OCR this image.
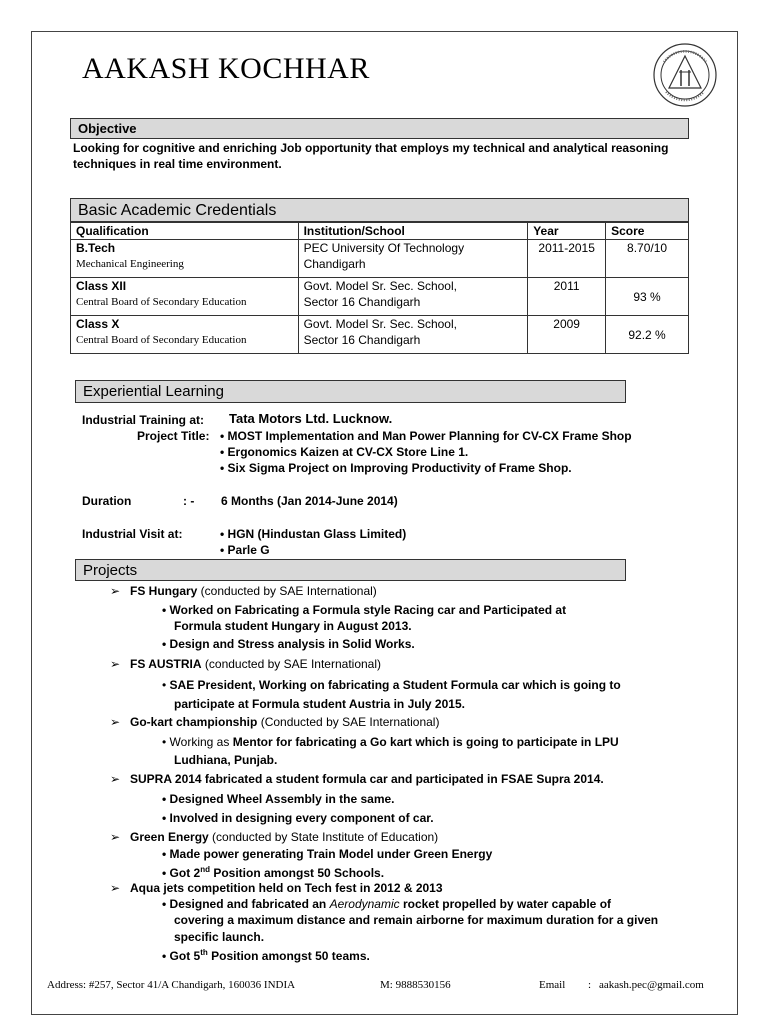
AAKASH KOCHHAR
Objective
Looking for cognitive and enriching Job opportunity that employs my technical and analytical reasoning
techniques in real time environment.
Basic Academic Credentials
Qualification	Institution/School	Year	Score
B.Tech
Mechanical Engineering	PEC University Of Technology
Chandigarh	2011-2015	8.70/10
Class XII
Central Board of Secondary Education	Govt. Model Sr. Sec. School,
Sector 16 Chandigarh	2011	93 %
Class X
Central Board of Secondary Education	Govt. Model Sr. Sec. School,
Sector 16 Chandigarh	2009	92.2 %
Experiential Learning
Industrial Training at: Tata Motors Ltd. Lucknow.
Project Title: • MOST Implementation and Man Power Planning for CV-CX Frame Shop
• Ergonomics Kaizen at CV-CX Store Line 1.
• Six Sigma Project on Improving Productivity of Frame Shop.
Duration	: - 6 Months (Jan 2014-June 2014)
Industrial Visit at:	• HGN (Hindustan Glass Limited)
• Parle G
Projects
➢ FS Hungary (conducted by SAE International)
• Worked on Fabricating a Formula style Racing car and Participated at
Formula student Hungary in August 2013.
• Design and Stress analysis in Solid Works.
➢ FS AUSTRIA (conducted by SAE International)
• SAE President, Working on fabricating a Student Formula car which is going to
participate at Formula student Austria in July 2015.
➢ Go-kart championship (Conducted by SAE International)
• Working as Mentor for fabricating a Go kart which is going to participate in LPU
Ludhiana, Punjab.
➢ SUPRA 2014 fabricated a student formula car and participated in FSAE Supra 2014.
• Designed Wheel Assembly in the same.
• Involved in designing every component of car.
➢ Green Energy (conducted by State Institute of Education)
• Made power generating Train Model under Green Energy
• Got 2nd Position amongst 50 Schools.
➢ Aqua jets competition held on Tech fest in 2012 & 2013
• Designed and fabricated an Aerodynamic rocket propelled by water capable of
covering a maximum distance and remain airborne for maximum duration for a given
specific launch.
• Got 5th Position amongst 50 teams.
Address: #257, Sector 41/A Chandigarh, 160036 INDIA	M: 9888530156	Email : aakash.pec@gmail.com
